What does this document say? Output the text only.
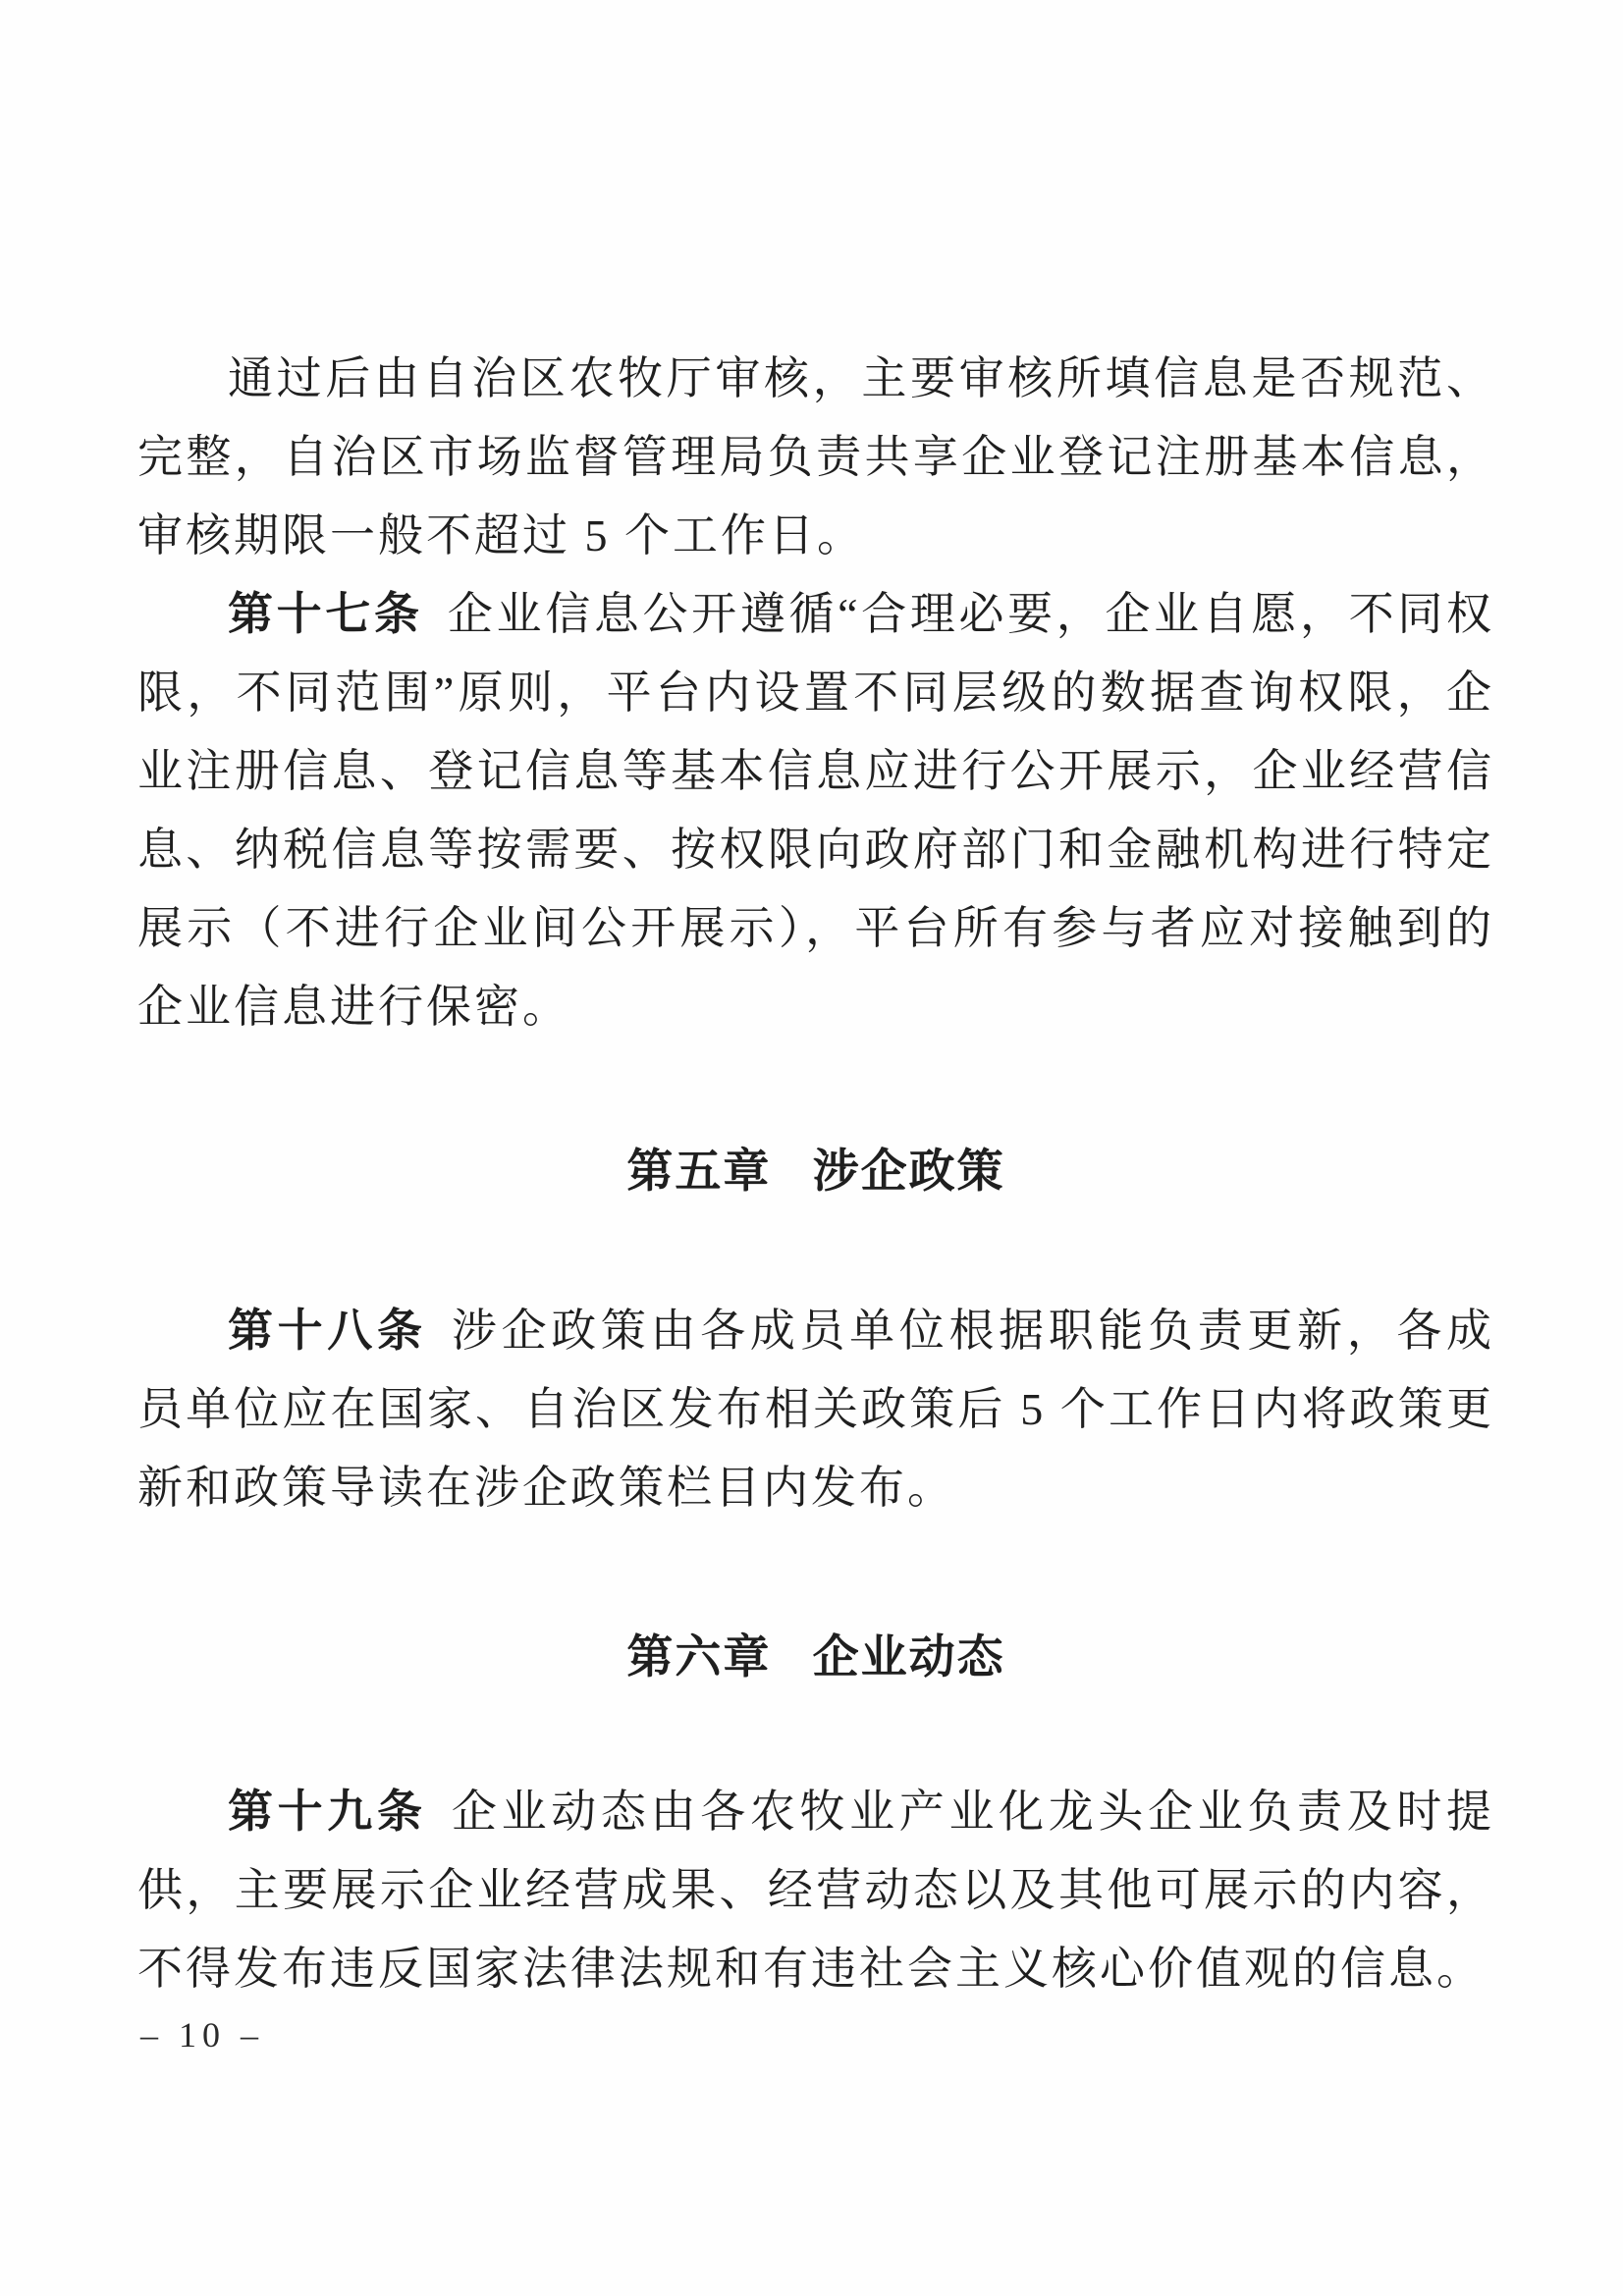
通过后由自治区农牧厅审核，主要审核所填信息是否规范、完整，自治区市场监督管理局负责共享企业登记注册基本信息，审核期限一般不超过 5 个工作日。

第十七条 企业信息公开遵循“合理必要，企业自愿，不同权限，不同范围”原则，平台内设置不同层级的数据查询权限，企业注册信息、登记信息等基本信息应进行公开展示，企业经营信息、纳税信息等按需要、按权限向政府部门和金融机构进行特定展示（不进行企业间公开展示），平台所有参与者应对接触到的企业信息进行保密。

第五章 涉企政策

第十八条 涉企政策由各成员单位根据职能负责更新，各成员单位应在国家、自治区发布相关政策后 5 个工作日内将政策更新和政策导读在涉企政策栏目内发布。

第六章 企业动态

第十九条 企业动态由各农牧业产业化龙头企业负责及时提供，主要展示企业经营成果、经营动态以及其他可展示的内容，不得发布违反国家法律法规和有违社会主义核心价值观的信息。

– 10 –
